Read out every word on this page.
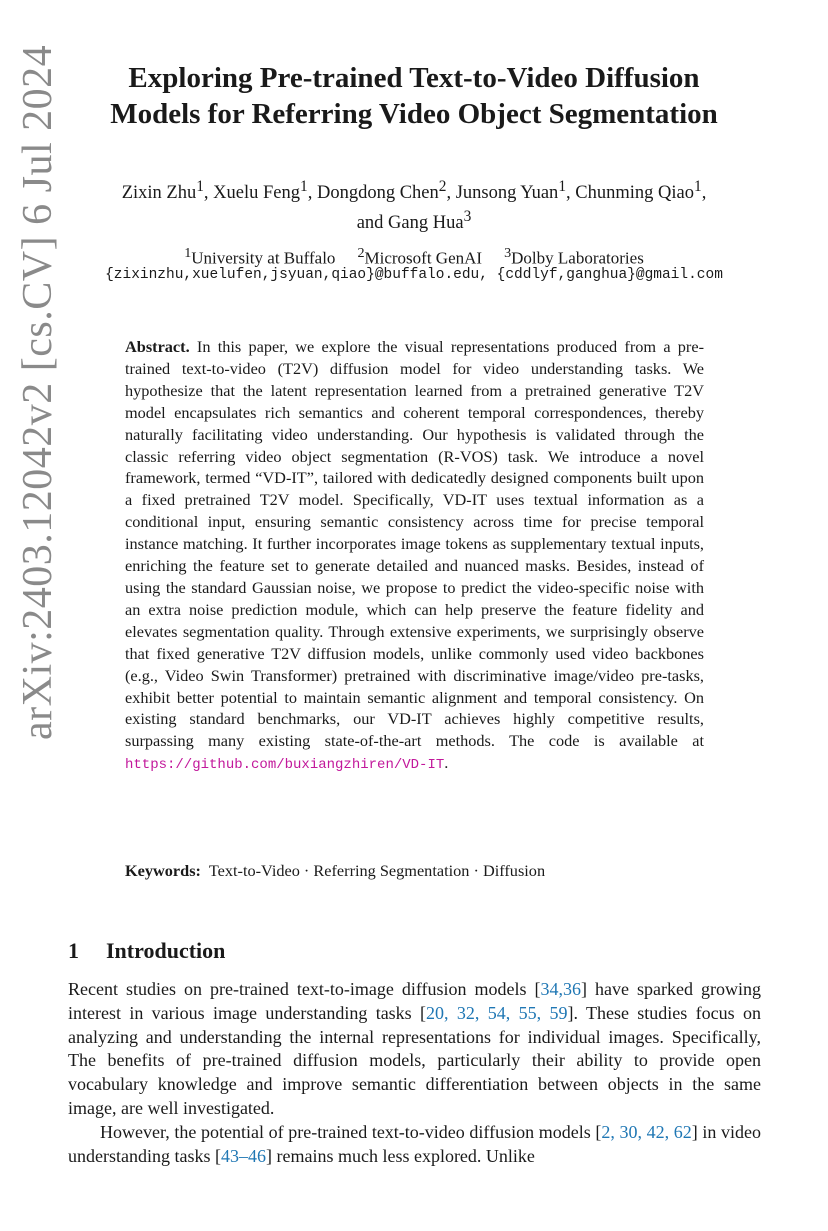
arXiv:2403.12042v2 [cs.CV] 6 Jul 2024	Exploring Pre-trained Text-to-Video Diffusion
Models for Referring Video Object Segmentation
Zixin Zhu$^1$, Xuelu Feng$^1$, Dongdong Chen$^2$, Junsong Yuan$^1$, Chunming Qiao$^1$,
and Gang Hua$^3$
$^1$University at Buffalo $^2$Microsoft GenAI $^3$Dolby Laboratories
{zixinzhu,xuelufen,jsyuan,qiao}@buffalo.edu, {cddlyf,ganghua}@gmail.com

Abstract. In this paper, we explore the visual representations produced from a pre-trained text-to-video (T2V) diffusion model for video understanding tasks. We hypothesize that the latent representation learned from a pretrained generative T2V model encapsulates rich semantics and coherent temporal correspondences, thereby naturally facilitating video understanding. Our hypothesis is validated through the classic referring video object segmentation (R-VOS) task. We introduce a novel framework, termed “VD-IT”, tailored with dedicatedly designed components built upon a fixed pretrained T2V model. Specifically, VD-IT uses textual information as a conditional input, ensuring semantic consistency across time for precise temporal instance matching. It further incorporates image tokens as supplementary textual inputs, enriching the feature set to generate detailed and nuanced masks. Besides, instead of using the standard Gaussian noise, we propose to predict the video-specific noise with an extra noise prediction module, which can help preserve the feature fidelity and elevates segmentation quality. Through extensive experiments, we surprisingly observe that fixed generative T2V diffusion models, unlike commonly used video backbones (e.g., Video Swin Transformer) pretrained with discriminative image/video pre-tasks, exhibit better potential to maintain semantic alignment and temporal consistency. On existing standard benchmarks, our VD-IT achieves highly competitive results, surpassing many existing state-of-the-art methods. The code is available at https://github.com/buxiangzhiren/VD-IT.

Keywords: Text-to-Video · Referring Segmentation · Diffusion
1 Introduction

Recent studies on pre-trained text-to-image diffusion models [34,36] have sparked growing interest in various image understanding tasks [20, 32, 54, 55, 59]. These studies focus on analyzing and understanding the internal representations for individual images. Specifically, The benefits of pre-trained diffusion models, particularly their ability to provide open vocabulary knowledge and improve semantic differentiation between objects in the same image, are well investigated.

However, the potential of pre-trained text-to-video diffusion models [2, 30, 42, 62] in video understanding tasks [43–46] remains much less explored. Unlike
